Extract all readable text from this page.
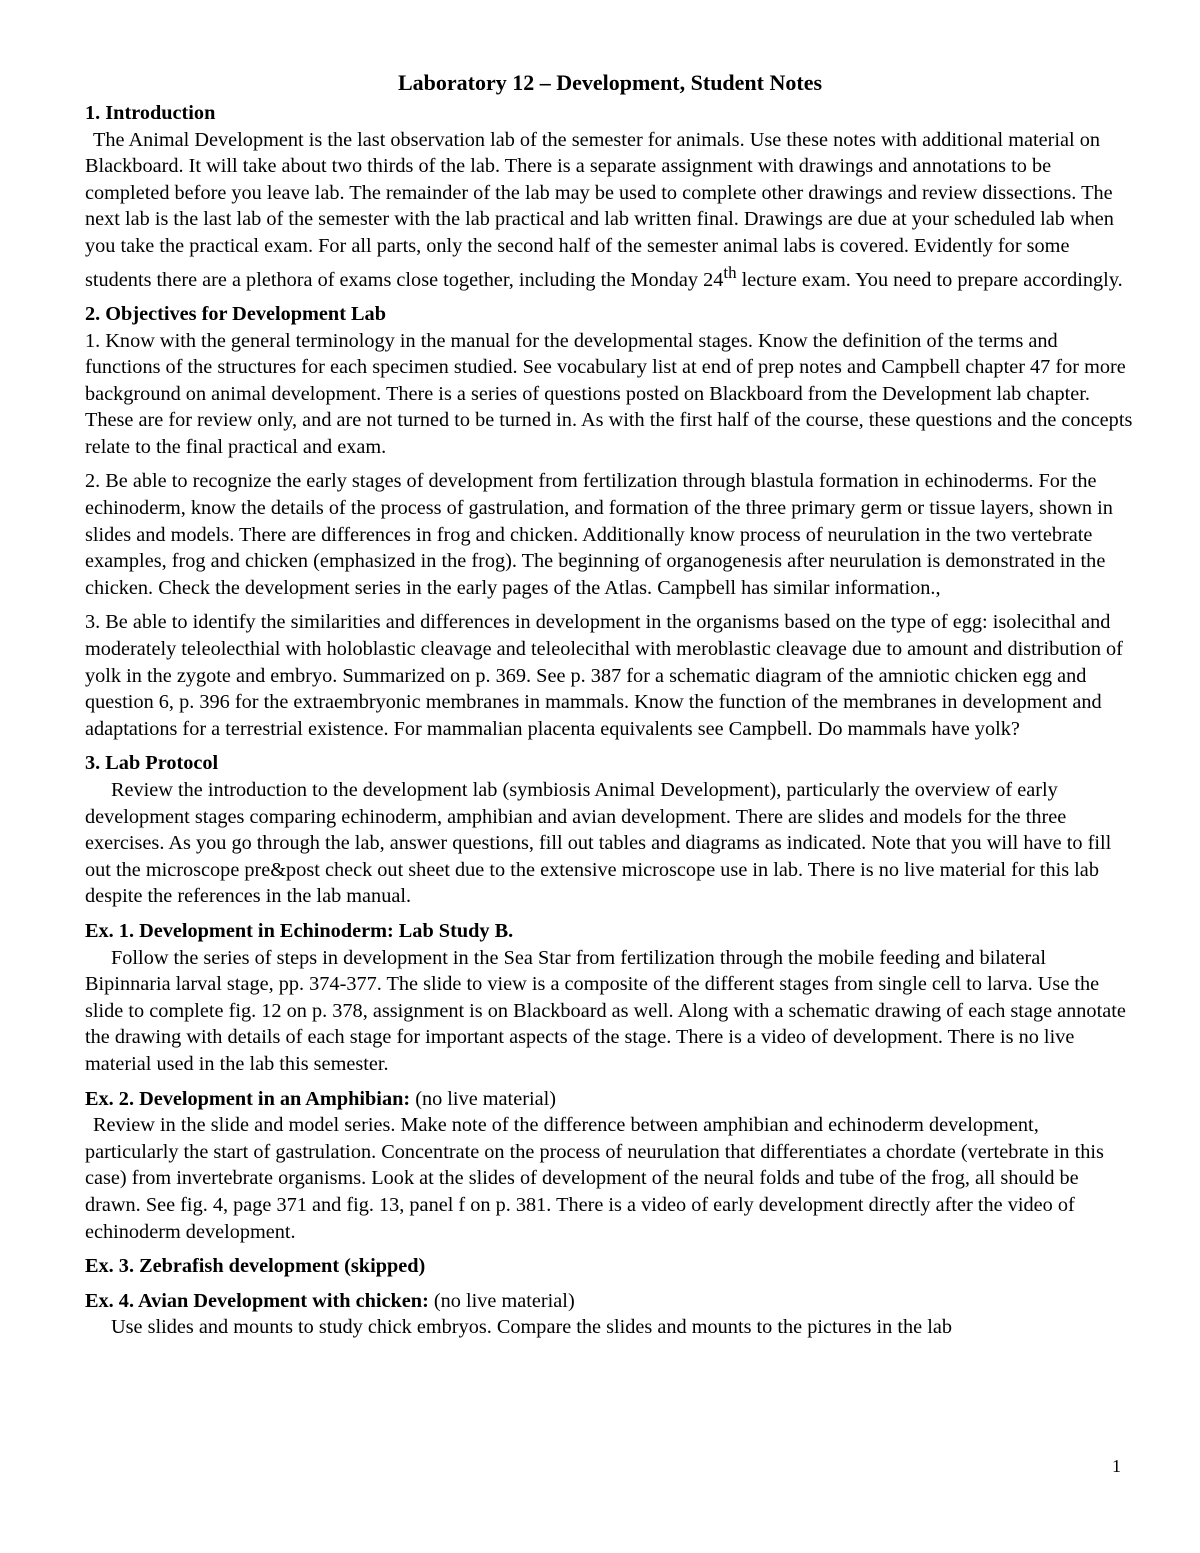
Laboratory 12 – Development, Student Notes

1. Introduction

The Animal Development is the last observation lab of the semester for animals. Use these notes with additional material on Blackboard. It will take about two thirds of the lab. There is a separate assignment with drawings and annotations to be completed before you leave lab. The remainder of the lab may be used to complete other drawings and review dissections. The next lab is the last lab of the semester with the lab practical and lab written final. Drawings are due at your scheduled lab when you take the practical exam. For all parts, only the second half of the semester animal labs is covered. Evidently for some students there are a plethora of exams close together, including the Monday 24th lecture exam. You need to prepare accordingly.

2. Objectives for Development Lab

1. Know with the general terminology in the manual for the developmental stages. Know the definition of the terms and functions of the structures for each specimen studied. See vocabulary list at end of prep notes and Campbell chapter 47 for more background on animal development. There is a series of questions posted on Blackboard from the Development lab chapter. These are for review only, and are not turned to be turned in. As with the first half of the course, these questions and the concepts relate to the final practical and exam.

2. Be able to recognize the early stages of development from fertilization through blastula formation in echinoderms. For the echinoderm, know the details of the process of gastrulation, and formation of the three primary germ or tissue layers, shown in slides and models. There are differences in frog and chicken. Additionally know process of neurulation in the two vertebrate examples, frog and chicken (emphasized in the frog). The beginning of organogenesis after neurulation is demonstrated in the chicken. Check the development series in the early pages of the Atlas. Campbell has similar information.,

3. Be able to identify the similarities and differences in development in the organisms based on the type of egg: isolecithal and moderately teleolecthial with holoblastic cleavage and teleolecithal with meroblastic cleavage due to amount and distribution of yolk in the zygote and embryo. Summarized on p. 369. See p. 387 for a schematic diagram of the amniotic chicken egg and question 6, p. 396 for the extraembryonic membranes in mammals. Know the function of the membranes in development and adaptations for a terrestrial existence. For mammalian placenta equivalents see Campbell. Do mammals have yolk?

3. Lab Protocol

Review the introduction to the development lab (symbiosis Animal Development), particularly the overview of early development stages comparing echinoderm, amphibian and avian development. There are slides and models for the three exercises. As you go through the lab, answer questions, fill out tables and diagrams as indicated. Note that you will have to fill out the microscope pre&post check out sheet due to the extensive microscope use in lab. There is no live material for this lab despite the references in the lab manual.

Ex. 1. Development in Echinoderm: Lab Study B.

Follow the series of steps in development in the Sea Star from fertilization through the mobile feeding and bilateral Bipinnaria larval stage, pp. 374-377. The slide to view is a composite of the different stages from single cell to larva. Use the slide to complete fig. 12 on p. 378, assignment is on Blackboard as well. Along with a schematic drawing of each stage annotate the drawing with details of each stage for important aspects of the stage. There is a video of development. There is no live material used in the lab this semester.

Ex. 2. Development in an Amphibian: (no live material)

Review in the slide and model series. Make note of the difference between amphibian and echinoderm development, particularly the start of gastrulation. Concentrate on the process of neurulation that differentiates a chordate (vertebrate in this case) from invertebrate organisms. Look at the slides of development of the neural folds and tube of the frog, all should be drawn. See fig. 4, page 371 and fig. 13, panel f on p. 381. There is a video of early development directly after the video of echinoderm development.

Ex. 3. Zebrafish development (skipped)

Ex. 4. Avian Development with chicken: (no live material)

Use slides and mounts to study chick embryos. Compare the slides and mounts to the pictures in the lab

1
